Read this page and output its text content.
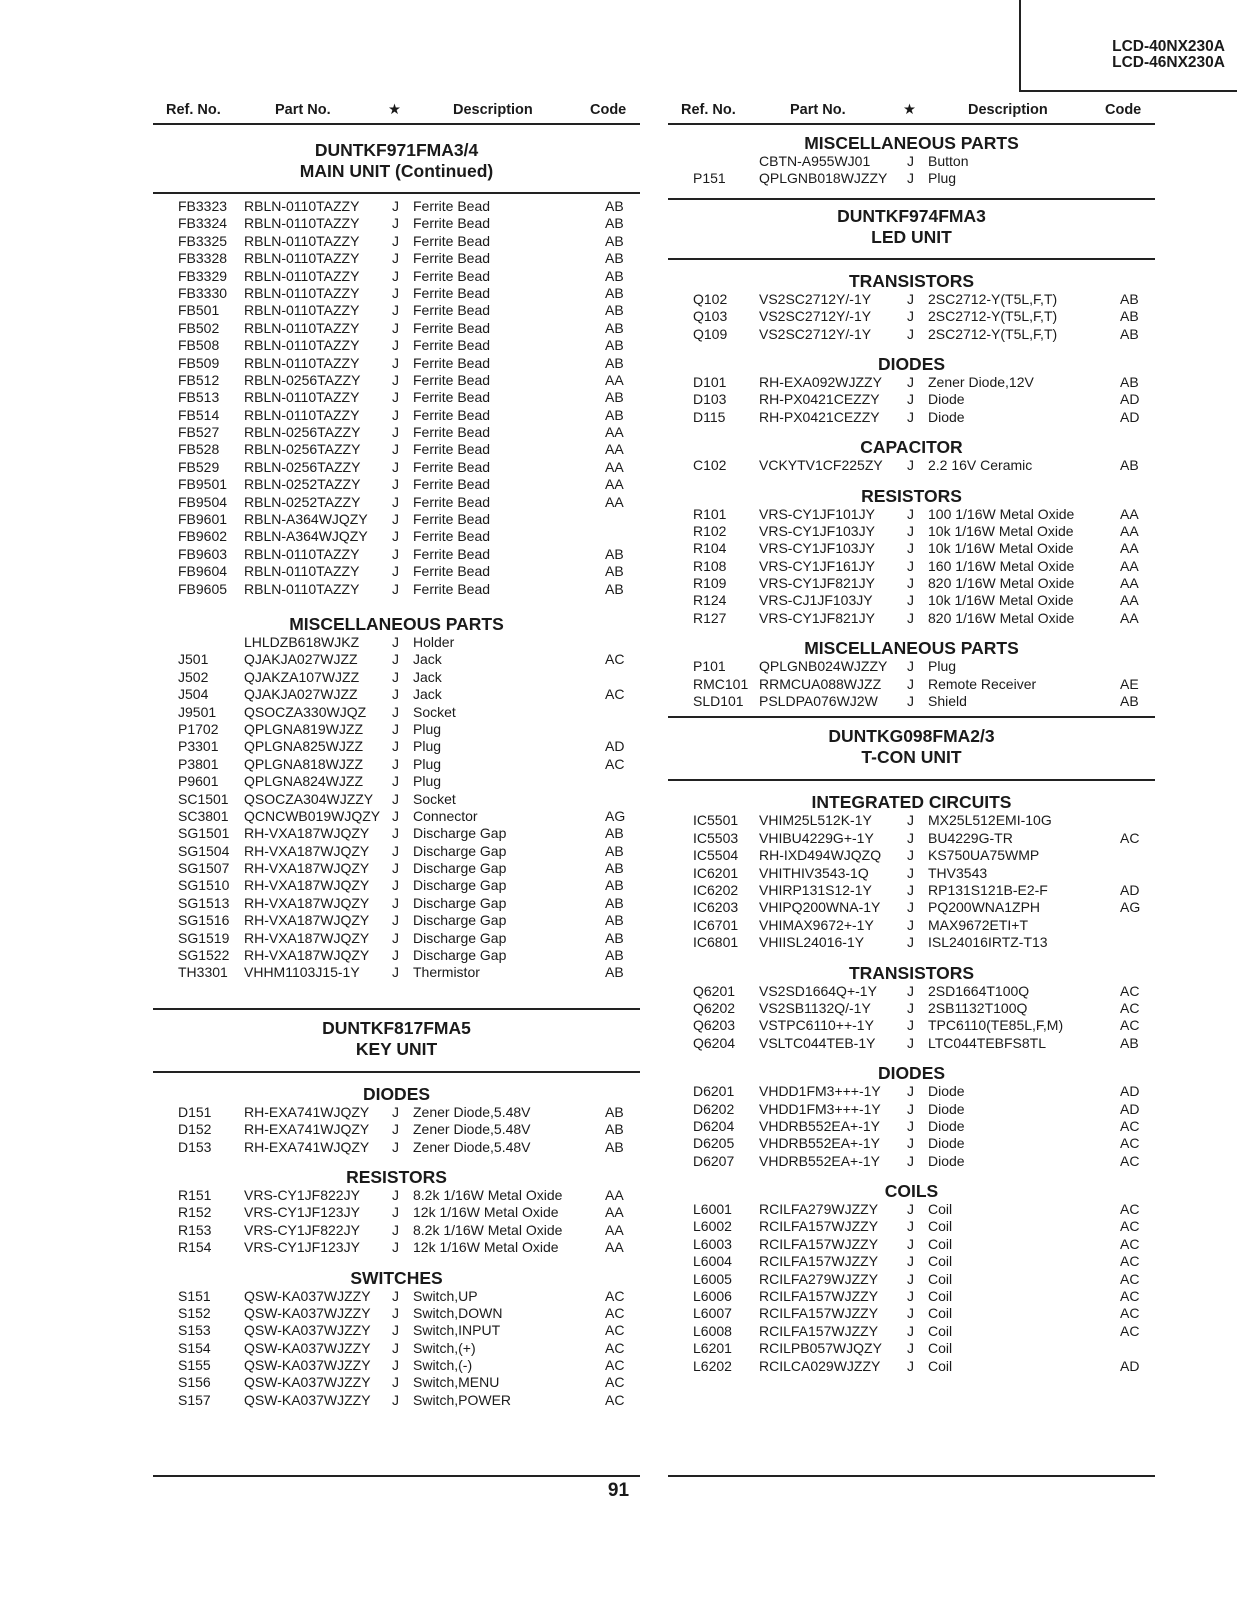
LCD-40NX230A
LCD-46NX230A
Ref. No.	Part No.	★	Description	Code
DUNTKF971FMA3/4
MAIN UNIT (Continued)
FB3323 RBLN-0110TAZZY J Ferrite Bead	AB
FB3324 RBLN-0110TAZZY J Ferrite Bead	AB
FB3325 RBLN-0110TAZZY J Ferrite Bead	AB
FB3328 RBLN-0110TAZZY J Ferrite Bead	AB
FB3329 RBLN-0110TAZZY J Ferrite Bead	AB
FB3330 RBLN-0110TAZZY J Ferrite Bead	AB
FB501 RBLN-0110TAZZY J Ferrite Bead	AB
FB502 RBLN-0110TAZZY J Ferrite Bead	AB
FB508 RBLN-0110TAZZY J Ferrite Bead	AB
FB509 RBLN-0110TAZZY J Ferrite Bead	AB
FB512 RBLN-0256TAZZY J Ferrite Bead	AA
FB513 RBLN-0110TAZZY J Ferrite Bead	AB
FB514 RBLN-0110TAZZY J Ferrite Bead	AB
FB527 RBLN-0256TAZZY J Ferrite Bead	AA
FB528 RBLN-0256TAZZY J Ferrite Bead	AA
FB529 RBLN-0256TAZZY J Ferrite Bead	AA
FB9501 RBLN-0252TAZZY J Ferrite Bead	AA
FB9504 RBLN-0252TAZZY J Ferrite Bead	AA
FB9601 RBLN-A364WJQZY J Ferrite Bead
FB9602 RBLN-A364WJQZY J Ferrite Bead
FB9603 RBLN-0110TAZZY J Ferrite Bead	AB
FB9604 RBLN-0110TAZZY J Ferrite Bead	AB
FB9605 RBLN-0110TAZZY J Ferrite Bead	AB
MISCELLANEOUS PARTS
LHLDZB618WJKZ J Holder
J501	QJAKJA027WJZZ J Jack	AC
J502	QJAKZA107WJZZ J Jack
J504	QJAKJA027WJZZ J Jack	AC
J9501 QSOCZA330WJQZ J Socket
P1702 QPLGNA819WJZZ J Plug
P3301 QPLGNA825WJZZ J Plug	AD
P3801 QPLGNA818WJZZ J Plug	AC
P9601 QPLGNA824WJZZ J Plug
SC1501 QSOCZA304WJZZY J Socket
SC3801 QCNCWB019WJQZY J Connector	AG
SG1501 RH-VXA187WJQZY J Discharge Gap	AB
SG1504 RH-VXA187WJQZY J Discharge Gap	AB
SG1507 RH-VXA187WJQZY J Discharge Gap	AB
SG1510 RH-VXA187WJQZY J Discharge Gap	AB
SG1513 RH-VXA187WJQZY J Discharge Gap	AB
SG1516 RH-VXA187WJQZY J Discharge Gap	AB
SG1519 RH-VXA187WJQZY J Discharge Gap	AB
SG1522 RH-VXA187WJQZY J Discharge Gap	AB
TH3301 VHHM1103J15-1Y J Thermistor	AB
DUNTKF817FMA5
KEY UNIT
DIODES
D151 RH-EXA741WJQZY J Zener Diode,5.48V	AB
D152 RH-EXA741WJQZY J Zener Diode,5.48V	AB
D153 RH-EXA741WJQZY J Zener Diode,5.48V	AB
RESISTORS
R151 VRS-CY1JF822JY J 8.2k 1/16W Metal Oxide	AA
R152 VRS-CY1JF123JY J 12k 1/16W Metal Oxide	AA
R153 VRS-CY1JF822JY J 8.2k 1/16W Metal Oxide	AA
R154 VRS-CY1JF123JY J 12k 1/16W Metal Oxide	AA
SWITCHES
S151 QSW-KA037WJZZY J Switch,UP	AC
S152 QSW-KA037WJZZY J Switch,DOWN	AC
S153 QSW-KA037WJZZY J Switch,INPUT	AC
S154 QSW-KA037WJZZY J Switch,(+)	AC
S155 QSW-KA037WJZZY J Switch,(-)	AC
S156 QSW-KA037WJZZY J Switch,MENU	AC
S157 QSW-KA037WJZZY J Switch,POWER	AC
Ref. No.	Part No.	★	Description	Code
MISCELLANEOUS PARTS
CBTN-A955WJ01	J Button
P151 QPLGNB018WJZZY J Plug
DUNTKF974FMA3
LED UNIT
TRANSISTORS
Q102 VS2SC2712Y/-1Y	J 2SC2712-Y(T5L,F,T)	AB
Q103 VS2SC2712Y/-1Y	J 2SC2712-Y(T5L,F,T)	AB
Q109 VS2SC2712Y/-1Y	J 2SC2712-Y(T5L,F,T)	AB
DIODES
D101 RH-EXA092WJZZY J Zener Diode,12V	AB
D103 RH-PX0421CEZZY J Diode	AD
D115 RH-PX0421CEZZY J Diode	AD
CAPACITOR
C102 VCKYTV1CF225ZY J 2.2 16V Ceramic	AB
RESISTORS
R101 VRS-CY1JF101JY J 100 1/16W Metal Oxide	AA
R102 VRS-CY1JF103JY J 10k 1/16W Metal Oxide	AA
R104 VRS-CY1JF103JY J 10k 1/16W Metal Oxide	AA
R108 VRS-CY1JF161JY J 160 1/16W Metal Oxide	AA
R109 VRS-CY1JF821JY J 820 1/16W Metal Oxide	AA
R124 VRS-CJ1JF103JY J 10k 1/16W Metal Oxide	AA
R127 VRS-CY1JF821JY J 820 1/16W Metal Oxide	AA
MISCELLANEOUS PARTS
P101 QPLGNB024WJZZY J Plug
RMC101 RRMCUA088WJZZ J Remote Receiver	AE
SLD101 PSLDPA076WJ2W J Shield	AB
DUNTKG098FMA2/3
T-CON UNIT
INTEGRATED CIRCUITS
IC5501 VHIM25L512K-1Y	J MX25L512EMI-10G
IC5503 VHIBU4229G+-1Y J BU4229G-TR	AC
IC5504 RH-IXD494WJQZQ J KS750UA75WMP
IC6201 VHITHIV3543-1Q	J THV3543
IC6202 VHIRP131S12-1Y	J RP131S121B-E2-F	AD
IC6203 VHIPQ200WNA-1Y J PQ200WNA1ZPH	AG
IC6701 VHIMAX9672+-1Y J MAX9672ETI+T
IC6801 VHIISL24016-1Y	J ISL24016IRTZ-T13
TRANSISTORS
Q6201 VS2SD1664Q+-1Y J 2SD1664T100Q	AC
Q6202 VS2SB1132Q/-1Y	J 2SB1132T100Q	AC
Q6203 VSTPC6110++-1Y J TPC6110(TE85L,F,M)	AC
Q6204 VSLTC044TEB-1Y J LTC044TEBFS8TL	AB
DIODES
D6201 VHDD1FM3+++-1Y J Diode	AD
D6202 VHDD1FM3+++-1Y J Diode	AD
D6204 VHDRB552EA+-1Y J Diode	AC
D6205 VHDRB552EA+-1Y J Diode	AC
D6207 VHDRB552EA+-1Y J Diode	AC
COILS
L6001 RCILFA279WJZZY J Coil	AC
L6002 RCILFA157WJZZY J Coil	AC
L6003 RCILFA157WJZZY J Coil	AC
L6004 RCILFA157WJZZY J Coil	AC
L6005 RCILFA279WJZZY J Coil	AC
L6006 RCILFA157WJZZY J Coil	AC
L6007 RCILFA157WJZZY J Coil	AC
L6008 RCILFA157WJZZY J Coil	AC
L6201 RCILPB057WJQZY J Coil
L6202 RCILCA029WJZZY J Coil	AD
91
